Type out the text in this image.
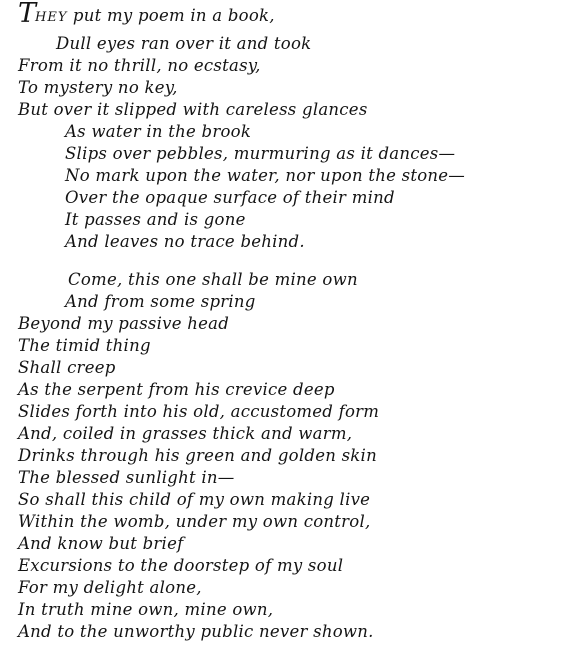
THEY put my poem in a book,
Dull eyes ran over it and took
From it no thrill, no ecstasy,
To mystery no key,
But over it slipped with careless glances
As water in the brook
Slips over pebbles, murmuring as it dances—
No mark upon the water, nor upon the stone—
Over the opaque surface of their mind
It passes and is gone
And leaves no trace behind.
Come, this one shall be mine own
And from some spring
Beyond my passive head
The timid thing
Shall creep
As the serpent from his crevice deep
Slides forth into his old, accustomed form
And, coiled in grasses thick and warm,
Drinks through his green and golden skin
The blessed sunlight in—
So shall this child of my own making live
Within the womb, under my own control,
And know but brief
Excursions to the doorstep of my soul
For my delight alone,
In truth mine own, mine own,
And to the unworthy public never shown.
